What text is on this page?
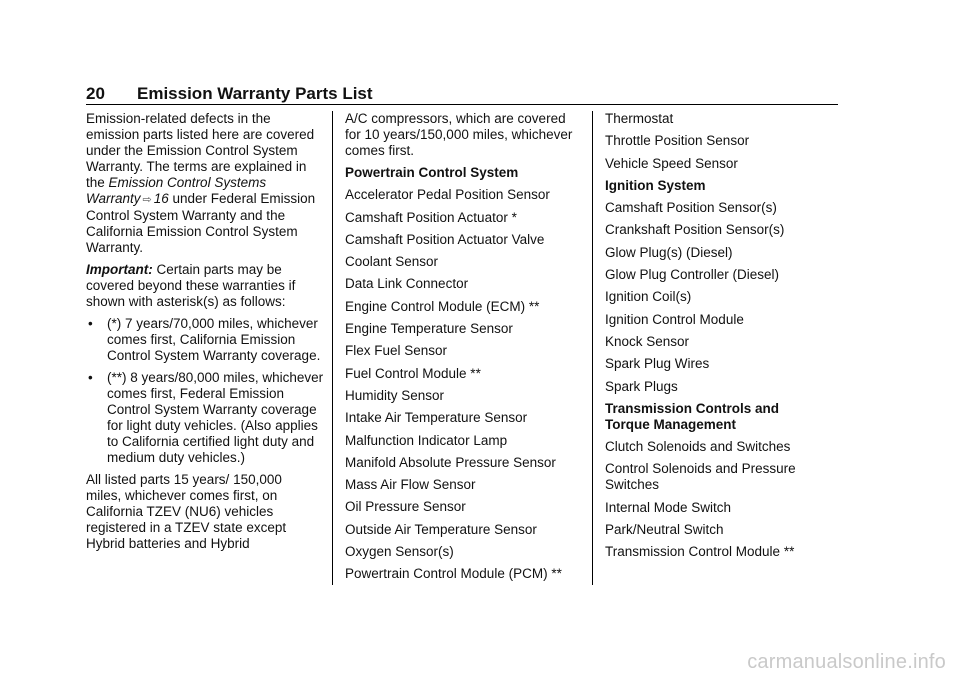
20 Emission Warranty Parts List

Emission-related defects in the emission parts listed here are covered under the Emission Control System Warranty. The terms are explained in the Emission Control Systems Warranty ⇨ 16 under Federal Emission Control System Warranty and the California Emission Control System Warranty.

Important: Certain parts may be covered beyond these warranties if shown with asterisk(s) as follows:

• (*) 7 years/70,000 miles, whichever comes first, California Emission Control System Warranty coverage.
• (**) 8 years/80,000 miles, whichever comes first, Federal Emission Control System Warranty coverage for light duty vehicles. (Also applies to California certified light duty and medium duty vehicles.)

All listed parts 15 years/ 150,000 miles, whichever comes first, on California TZEV (NU6) vehicles registered in a TZEV state except Hybrid batteries and Hybrid

A/C compressors, which are covered for 10 years/150,000 miles, whichever comes first.

Powertrain Control System
Accelerator Pedal Position Sensor
Camshaft Position Actuator *
Camshaft Position Actuator Valve
Coolant Sensor
Data Link Connector
Engine Control Module (ECM) **
Engine Temperature Sensor
Flex Fuel Sensor
Fuel Control Module **
Humidity Sensor
Intake Air Temperature Sensor
Malfunction Indicator Lamp
Manifold Absolute Pressure Sensor
Mass Air Flow Sensor
Oil Pressure Sensor
Outside Air Temperature Sensor
Oxygen Sensor(s)
Powertrain Control Module (PCM) **
Thermostat
Throttle Position Sensor
Vehicle Speed Sensor
Ignition System
Camshaft Position Sensor(s)
Crankshaft Position Sensor(s)
Glow Plug(s) (Diesel)
Glow Plug Controller (Diesel)
Ignition Coil(s)
Ignition Control Module
Knock Sensor
Spark Plug Wires
Spark Plugs
Transmission Controls and Torque Management
Clutch Solenoids and Switches
Control Solenoids and Pressure Switches
Internal Mode Switch
Park/Neutral Switch
Transmission Control Module **
carmanualsonline.info
